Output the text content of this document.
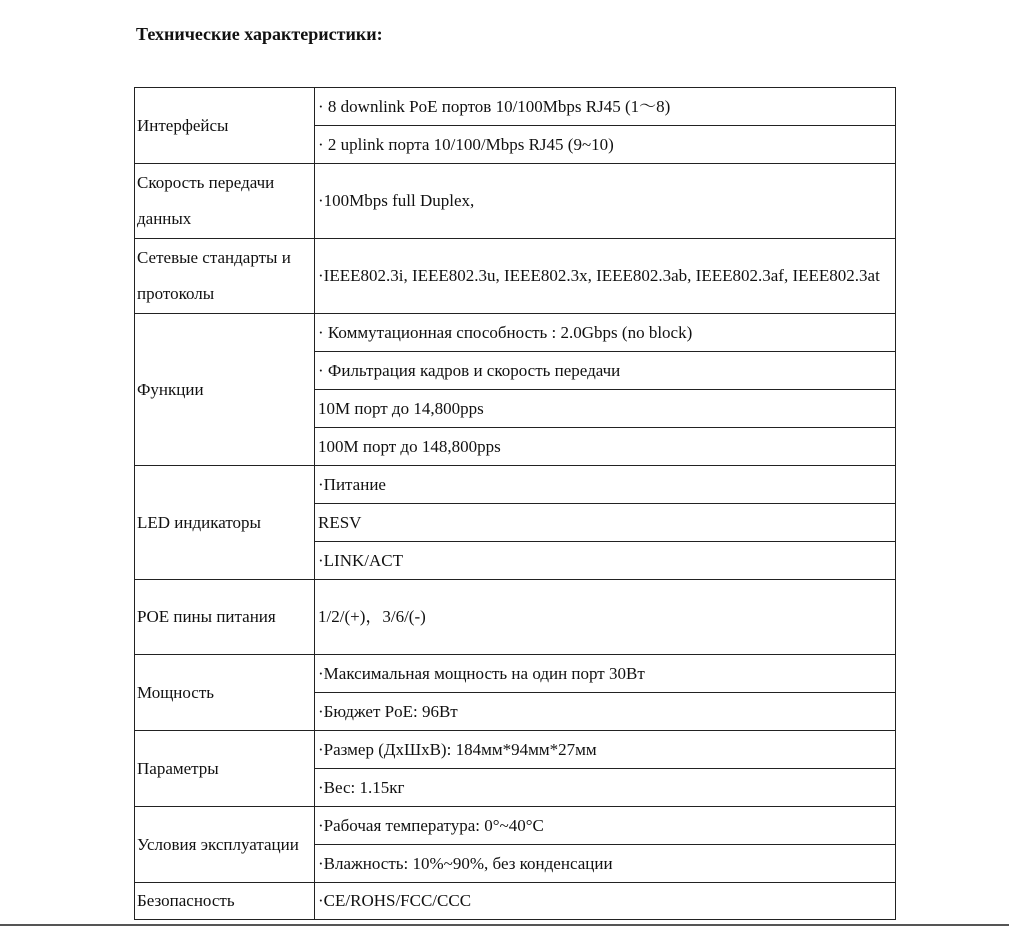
Технические характеристики:
Интерфейсы	· 8 downlink PoE портов 10/100Mbps RJ45 (1～8)
	· 2 uplink порта 10/100/Mbps RJ45 (9~10)
Скорость передачи данных	·100Mbps full Duplex,
Сетевые стандарты и протоколы	·IEEE802.3i, IEEE802.3u, IEEE802.3x, IEEE802.3ab, IEEE802.3af, IEEE802.3at
Функции	· Коммутационная способность : 2.0Gbps (no block)
	· Фильтрация кадров и скорость передачи
	10M порт до 14,800pps
	100M порт до 148,800pps
LED индикаторы	·Питание
	RESV
	·LINK/ACT
POE пины питания	1/2/(+)，3/6/(-)
Мощность	·Максимальная мощность на один порт 30Вт
	·Бюджет PoE: 96Вт
Параметры	·Размер (ДхШхВ): 184мм*94мм*27мм
	·Вес: 1.15кг
Условия эксплуатации	·Рабочая температура: 0°~40°C
	·Влажность: 10%~90%, без конденсации
Безопасность	·CE/ROHS/FCC/CCC
